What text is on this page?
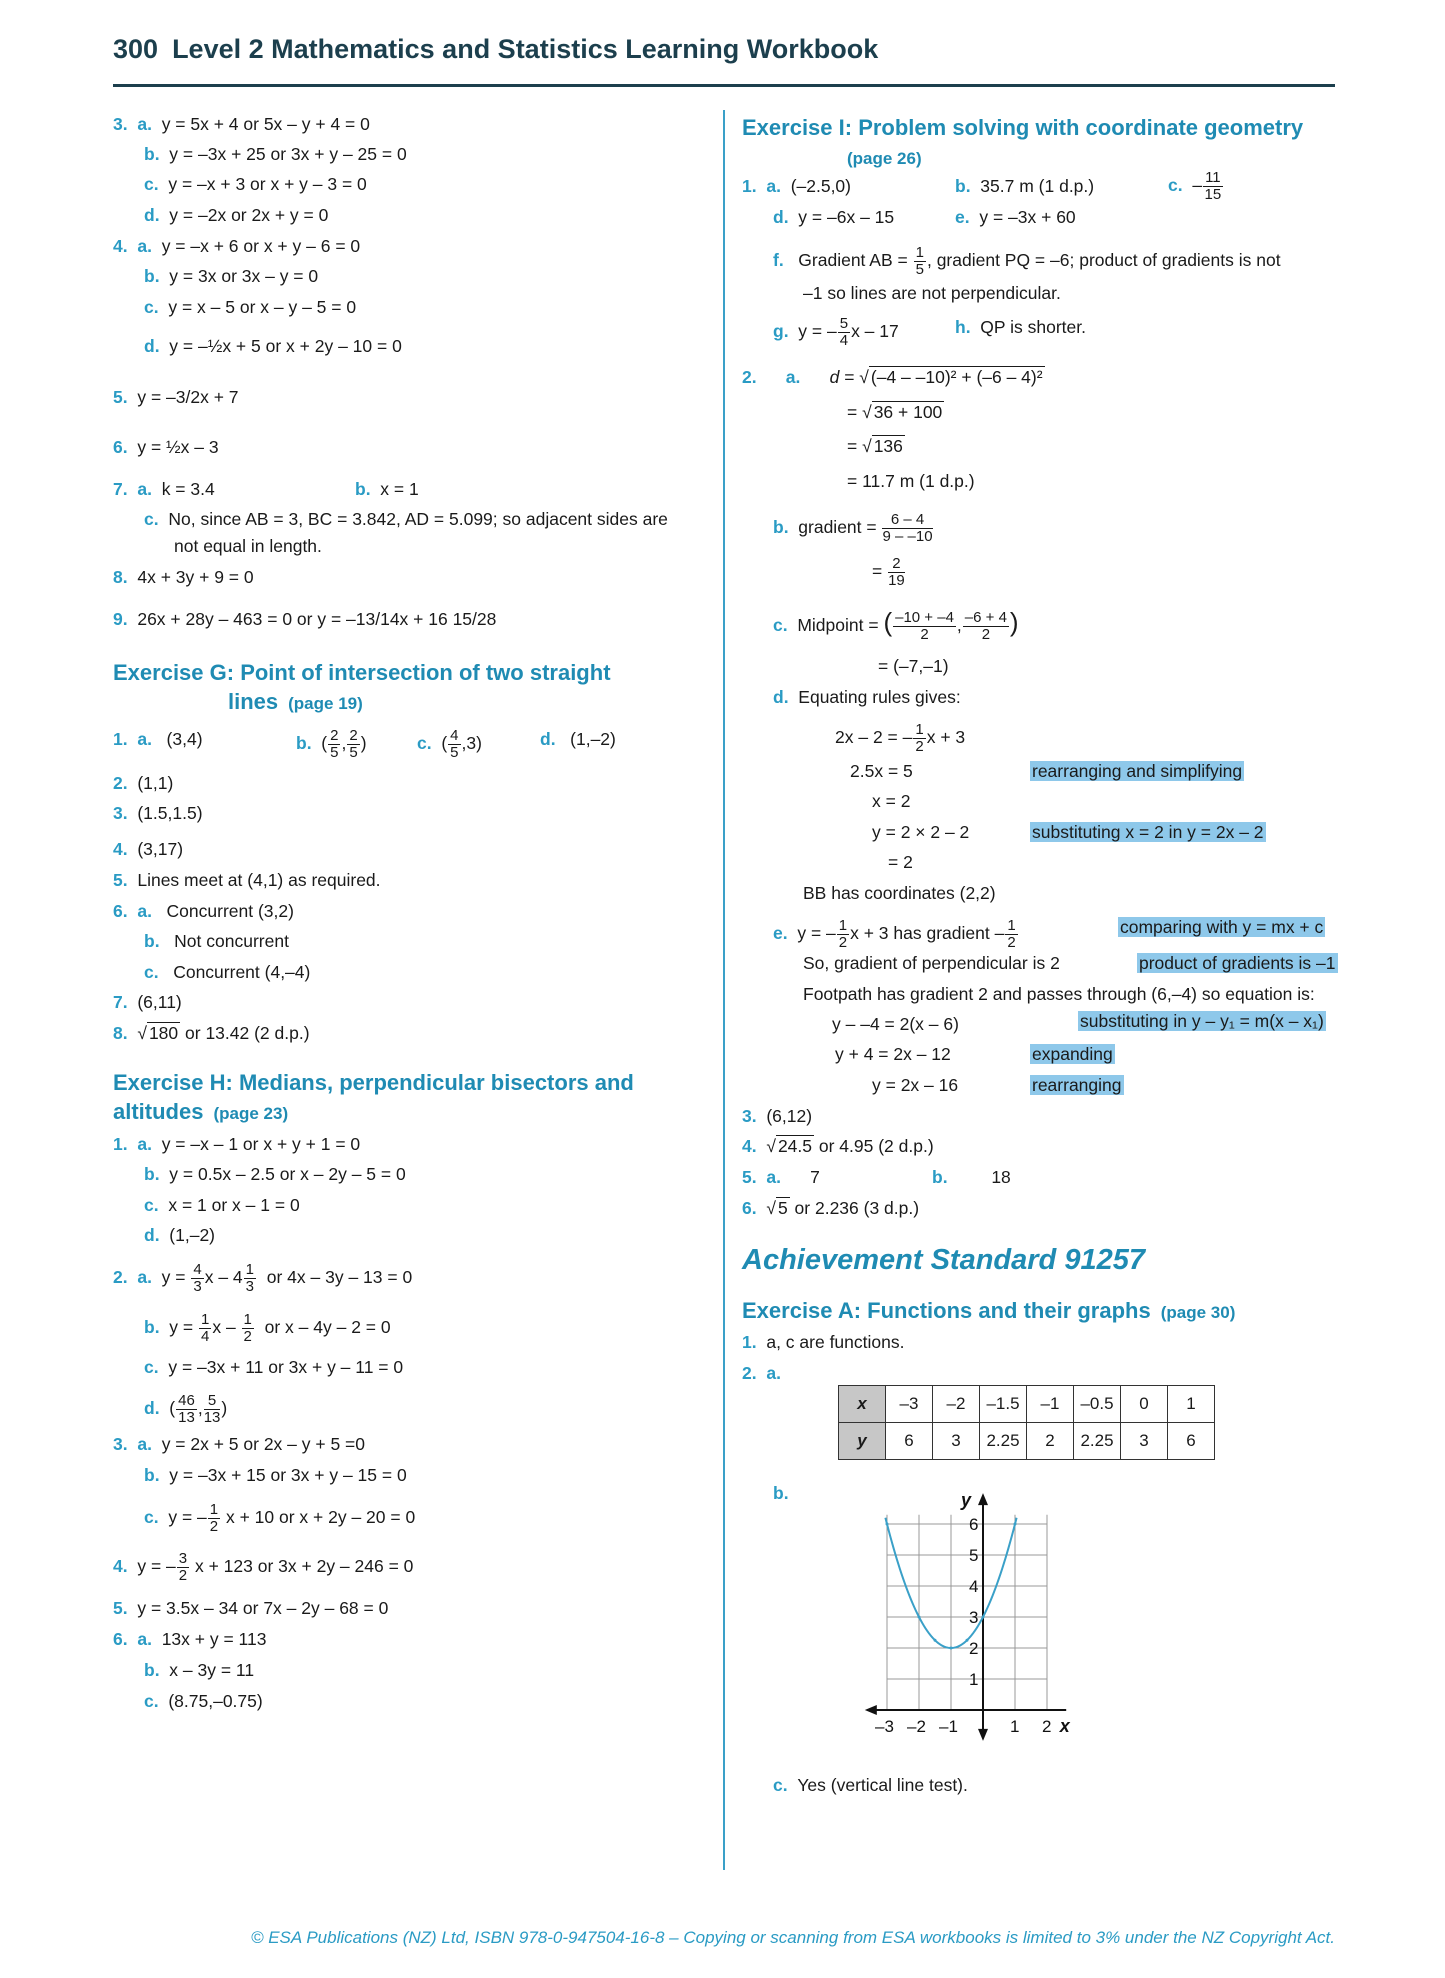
300 Level 2 Mathematics and Statistics Learning Workbook
3. a. y = 5x + 4 or 5x – y + 4 = 0
b. y = –3x + 25 or 3x + y – 25 = 0
c. y = –x + 3 or x + y – 3 = 0
d. y = –2x or 2x + y = 0
4. a. y = –x + 6 or x + y – 6 = 0
b. y = 3x or 3x – y = 0
c. y = x – 5 or x – y – 5 = 0
d. y = –½x + 5 or x + 2y – 10 = 0
5. y = –3/2x + 7
6. y = ½x – 3
7. a. k = 3.4	b. x = 1
c. No, since AB = 3, BC = 3.842, AD = 5.099; so adjacent sides are
not equal in length.
8. 4x + 3y + 9 = 0
9. 26x + 28y – 463 = 0 or y = –13/14x + 16 15/28
Exercise G: Point of intersection of two straight
lines (page 19)
1. a. (3,4)	b.  ( $\frac{2}{5}$ , $\frac{2}{5}$ )	c.  ( $\frac{4}{5} ,3$)	d. (1,–2)
2. (1,1)
3. (1.5,1.5)
4. (3,17)
5. Lines meet at (4,1) as required.
6. a. Concurrent (3,2)
b. Not concurrent
c. Concurrent (4,–4)
7. (6,11)
8.  √ 180 or 13.42 (2 d.p.)
Exercise H: Medians, perpendicular bisectors and
altitudes (page 23)
1. a. y = –x – 1 or x + y + 1 = 0
b. y = 0.5x – 2.5 or x – 2y – 5 = 0
c. x = 1 or x – 1 = 0
d. (1,–2)
2. a.  $y = \frac{4}{3}$ x – $4 \frac{1}{3}$ or 4x – 3y – 13 = 0
b.  $y = \frac{1}{4}$ x – $\frac{1}{2}$ or x – 4y – 2 = 0
c. y = –3x + 11 or 3x + y – 11 = 0
d.  ( $\frac{46}{13}$ , $\frac{5}{13}$ )
3. a. y = 2x + 5 or 2x – y + 5 =0
b. y = –3x + 15 or 3x + y – 15 = 0
c.  y = – $\frac{1}{2}$ x + 10 or x + 2y – 20 = 0
4.  y = – $\frac{3}{2}$ x + 123 or 3x + 2y – 246 = 0
5. y = 3.5x – 34 or 7x – 2y – 68 = 0
6. a. 13x + y = 113
b. x – 3y = 11
c. (8.75,–0.75)
Exercise I: Problem solving with coordinate geometry
(page 26)
1. a. (–2.5,0)	b. 35.7 m (1 d.p.)	c.  – $\frac{11}{15}$
d. y = –6x – 15	e. y = –3x + 60
f.   Gradient AB = $\frac{1}{5}$ , gradient PQ = –6; product of gradients is not
–1 so lines are not perpendicular.
g.  y = – $\frac{5}{4}$ x – 17	h. QP is shorter.
2. a. d = √ (–4 – –10)² + (–6 – 4)²
= √ 36 + 100
= √ 136
= 11.7 m (1 d.p.)
b.  gradient = $\frac{6 - 4}{9 - -10}$
= $\frac{2}{19}$
c.  Midpoint = ( $\frac{-10 + -4}{2}$ , $\frac{-6 + 4}{2}$ )
= (–7,–1)
d. Equating rules gives:
2x – 2 = – $\frac{1}{2}$ x + 3
2.5x = 5	rearranging and simplifying
x = 2
y = 2 × 2 – 2	substituting x = 2 in y = 2x – 2
= 2
BB has coordinates (2,2)
e.  y = – $\frac{1}{2}$ x + 3 has gradient – $\frac{1}{2}$	comparing with y = mx + c
So, gradient of perpendicular is 2	product of gradients is –1
Footpath has gradient 2 and passes through (6,–4) so equation is:
y – –4 = 2(x – 6)	substituting in y – y₁ = m(x – x₁)
y + 4 = 2x – 12	expanding
y = 2x – 16	rearranging
3. (6,12)
4.  √ 24.5 or 4.95 (2 d.p.)
5. a. 7	b.	18
6.  √ 5 or 2.236 (3 d.p.)
Achievement Standard 91257
Exercise A: Functions and their graphs (page 30)
1. a, c are functions.
2. a.
b.
c. Yes (vertical line test).
x	–3	–2	–1.5	–1	–0.5	0	1
y	6	3	2.25	2	2.25	3	6
–3 –2 –1	1 2
1
2
3
4
5
6
y
x
© ESA Publications (NZ) Ltd, ISBN 978-0-947504-16-8 – Copying or scanning from ESA workbooks is limited to 3% under the NZ Copyright Act.
